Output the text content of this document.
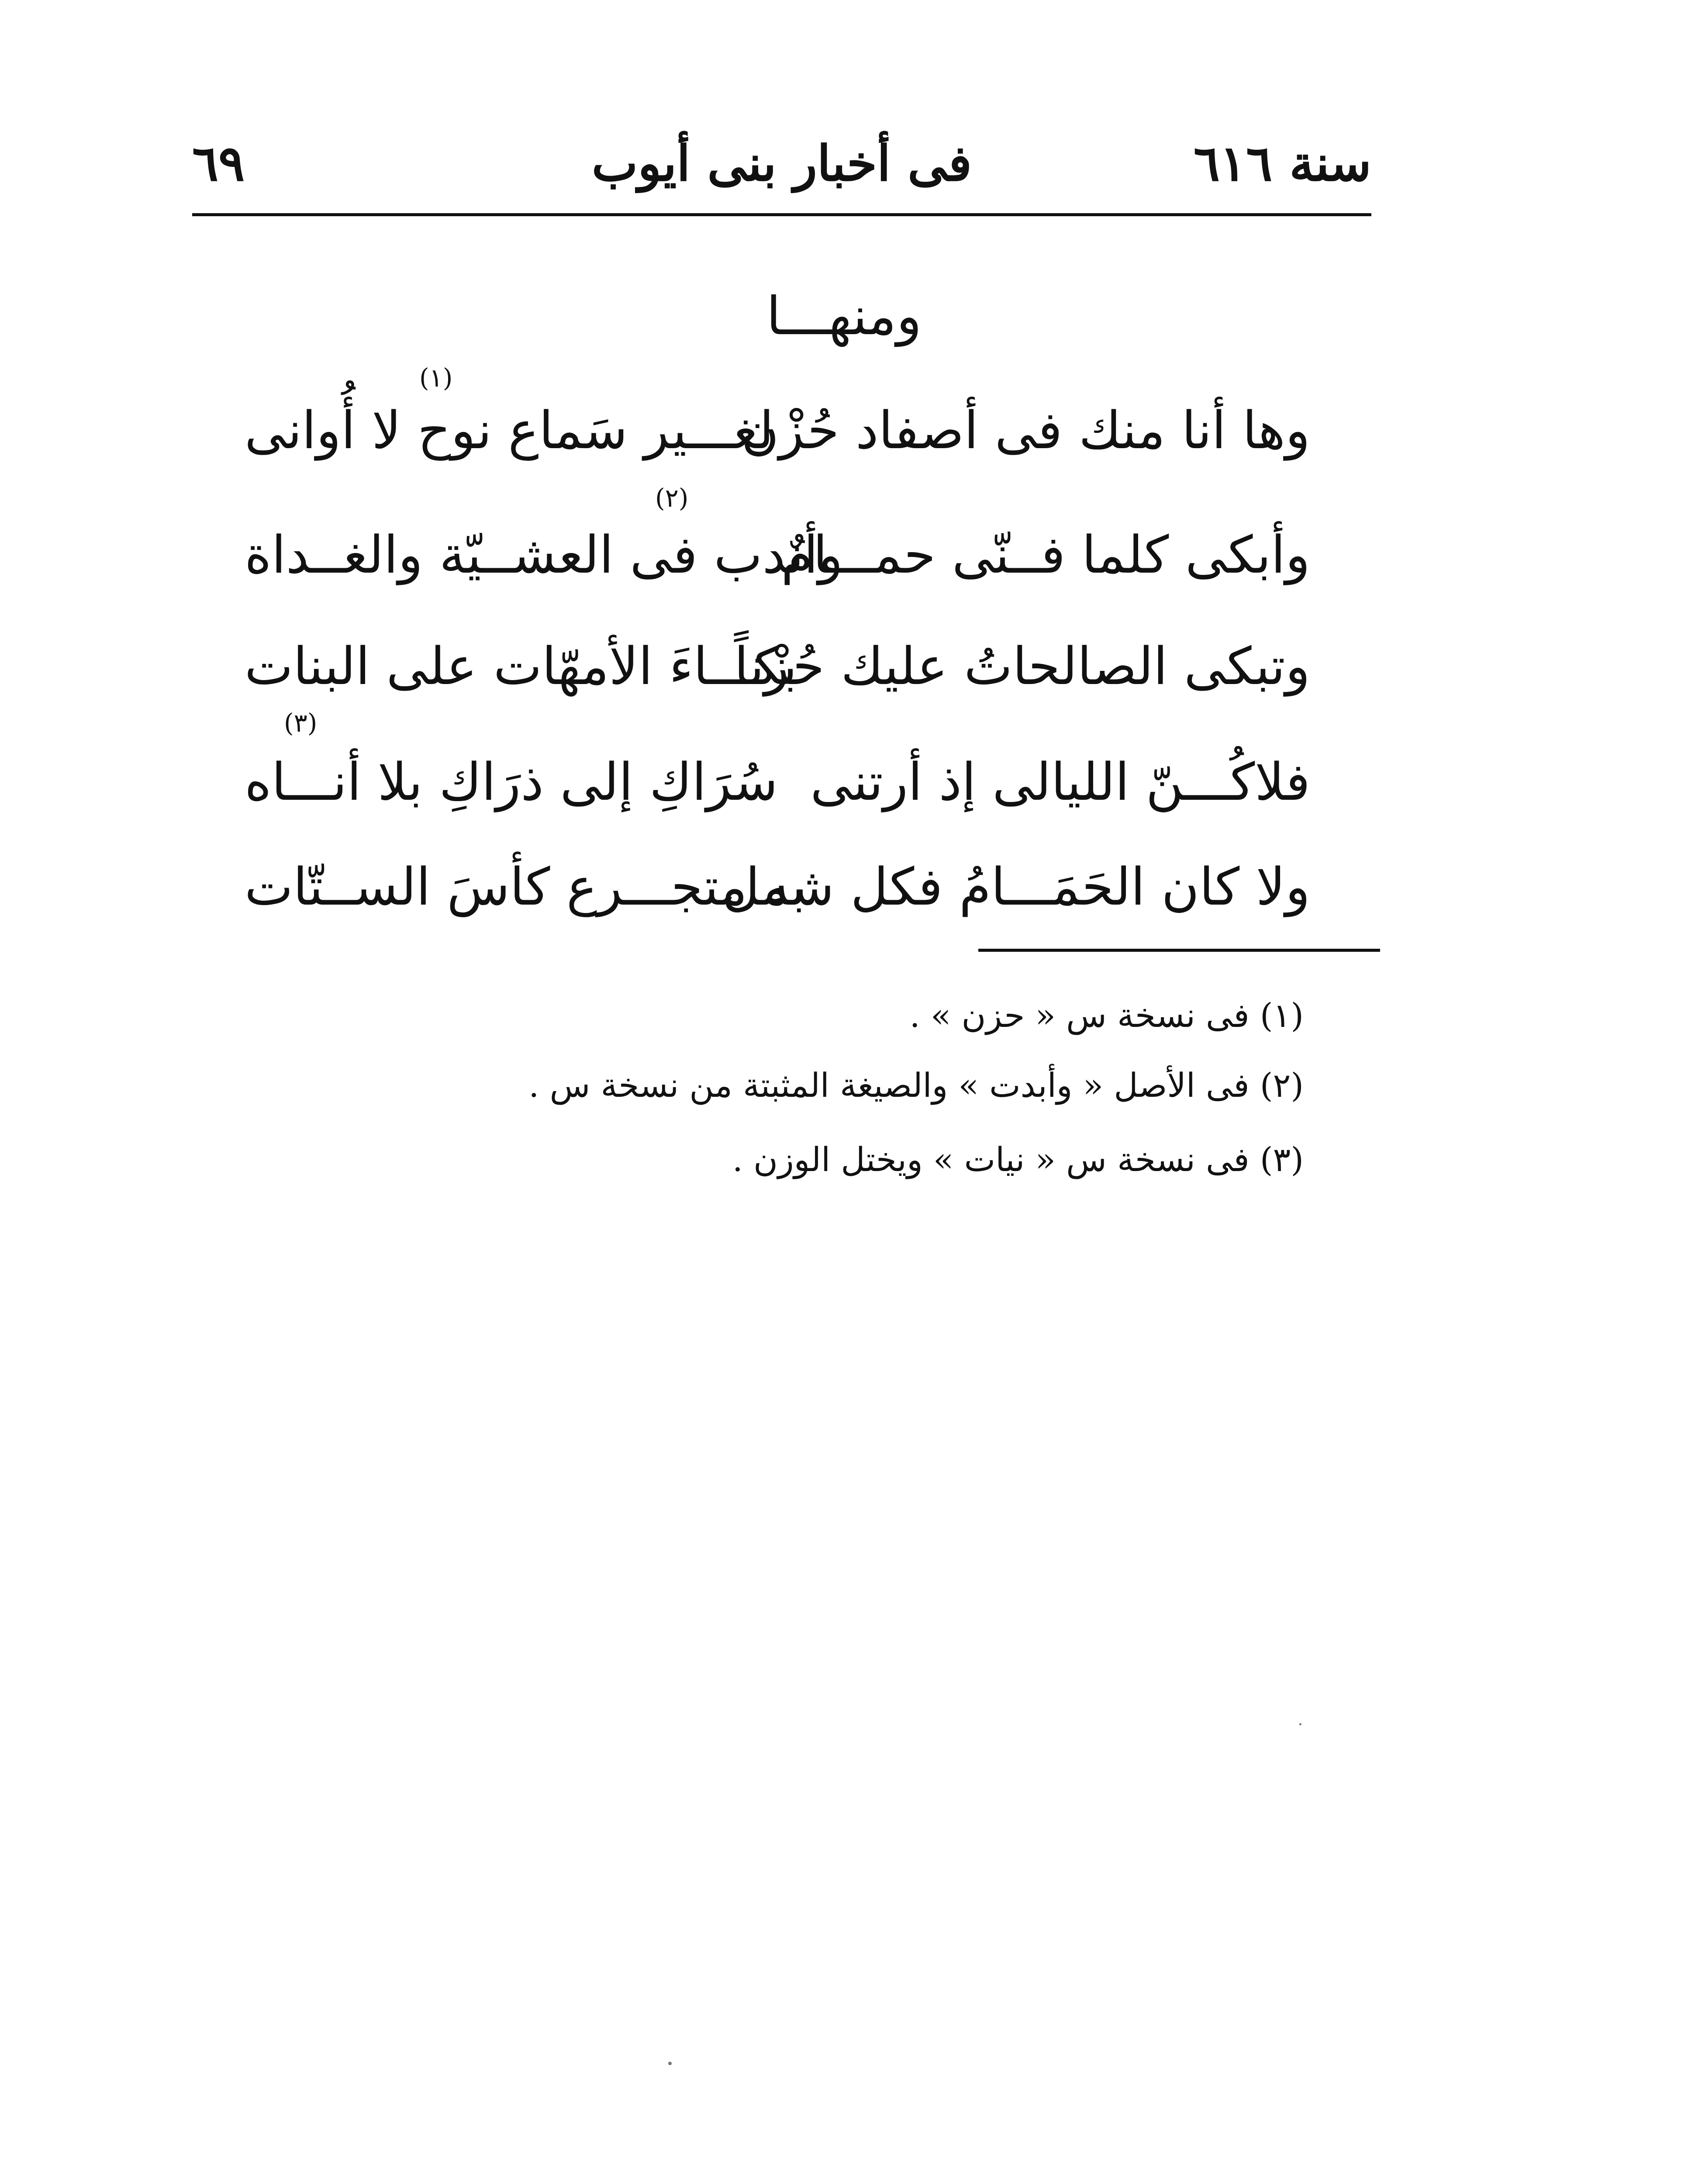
سنة ٦١٦
فى أخبار بنى أيوب
٦٩
ومنهـــا
وها أنا منك فى أصفاد حُزْن
لغـــير سَماع نوح لا أُوانى
(١)
وأبكى كلما فــنّى حمـــامٌ
وأندب فى العشــيّة والغــداة
(٢)
وتبكى الصالحاتُ عليك حُزْناً
بكـــاءَ الأمهّات على البنات
فلاكُـــنّ الليالى إذ أرتنى
سُرَاكِ إلى ذرَاكِ بلا أنـــاه
(٣)
ولا كان الحَمَـــامُ فكل شمل
به متجـــرع كأسَ الســتّات
(١) فى نسخة س « حزن » .
(٢) فى الأصل « وأبدت » والصيغة المثبتة من نسخة س .
(٣) فى نسخة س « نيات » ويختل الوزن .
